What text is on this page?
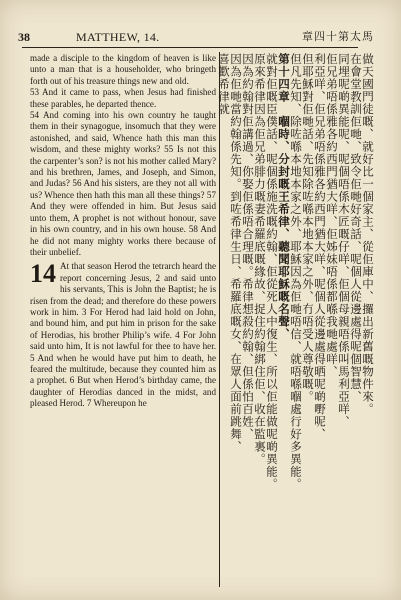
38	MATTHEW, 14.	章四十第太馬

made a disciple to the kingdom of heaven is like unto a man that is a householder, who bringeth forth out of his treasure things new and old.

53 And it came to pass, when Jesus had finished these parables, he departed thence.

54 And coming into his own country he taught them in their synagogue, insomuch that they were astonished, and said, Whence hath this man this wisdom, and these mighty works? 55 Is not this the carpenter’s son? is not his mother called Mary? and his brethren, James, and Joseph, and Simon, and Judas? 56 And his sisters, are they not all with us? Whence then hath this man all these things? 57 And they were offended in him. But Jesus said unto them, A prophet is not without honour, save in his own country, and in his own house. 58 And he did not many mighty works there because of their unbelief.

14 At that season Herod the tetrarch heard the report concerning Jesus, 2 and said unto his servants, This is John the Baptist; he is risen from the dead; and therefore do these powers work in him. 3 For Herod had laid hold on John, and bound him, and put him in prison for the sake of Herodias, his brother Philip’s wife. 4 For John said unto him, It is not lawful for thee to have her. 5 And when he would have put him to death, he feared the multitude, because they counted him as a prophet. 6 But when Herod’s birthday came, the daughter of Herodias danced in the midst, and pleased Herod. 7 Whereupon he	做天國門徒嘅、就好比一個家主、從佢庫中、攞出新舊嘅物件來。
在會堂教訓佢哋、致令佢哋好奇話、呢個人從邊處得呢個智慧、
同埋呢啲異能呢、呢個唔係木匠嘅仔咩、佢個母親唔係叫馬利亞咩、
佢兄弟唔係雅各約西門猶大咩、佢姊妹唔係都喺我哋處咩、
利亞咩、佢兄弟唔係雅各約西門猶大咩、呢個人從邊處得晒呢啲嘢呢、
但耶穌對佢哋話、先知除咗喺本地本家之外、冇唔受人尊敬嘅。
但凡先知、除咗喺本地本家之外、耶穌因為佢哋唔信、就唔喺嗰處行好多異能。
第十四章　嗰時、分封嘅王希律、聽聞耶穌嘅名聲、
就對佢嘅臣僕話、呢個係施洗嘅約翰、佢從死人中復生、所以佢能做呢啲異能。
原來希律因為佢兄弟腓力嘅妻希羅底嘅緣故、捉住約翰綁住佢、收在監裏。
因為約翰對佢講過、你娶佢係唔合理嘅。希律想殺約翰、但係怕百姓、
因為佢哋當約翰係先知。到咗希律生日、希羅底嘅女、在眾人面前跳舞、
喜歡希律就
